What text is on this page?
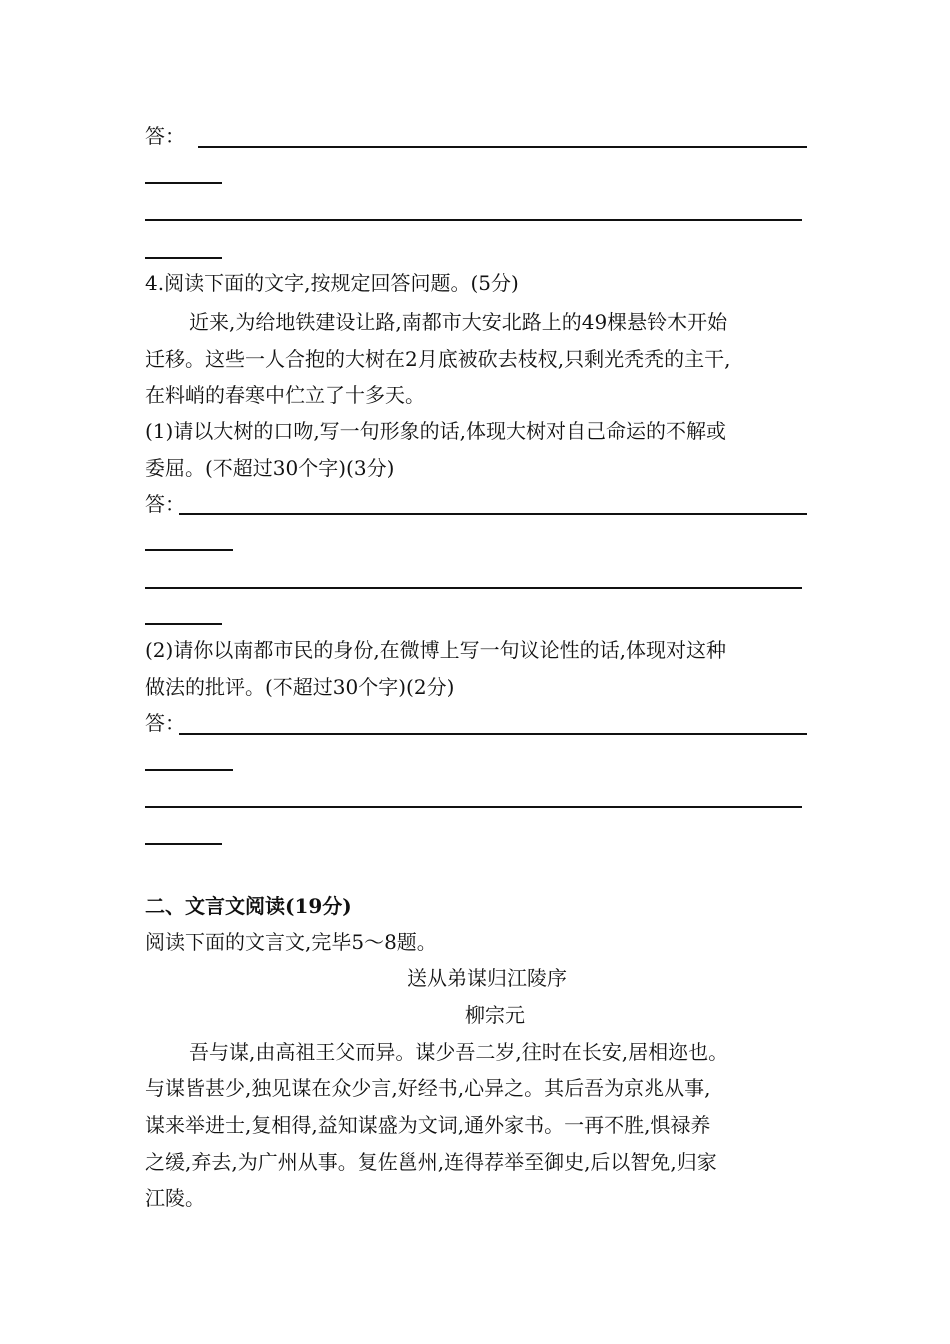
答：
4.阅读下面的文字,按规定回答问题。(5分)
近来,为给地铁建设让路,南都市大安北路上的49棵悬铃木开始
迁移。这些一人合抱的大树在2月底被砍去枝杈,只剩光秃秃的主干,
在料峭的春寒中伫立了十多天。
(1)请以大树的口吻,写一句形象的话,体现大树对自己命运的不解或
委屈。(不超过30个字)(3分)
答：
(2)请你以南都市民的身份,在微博上写一句议论性的话,体现对这种
做法的批评。(不超过30个字)(2分)
答：
二、文言文阅读(19分)
阅读下面的文言文,完毕5～8题。
送从弟谋归江陵序
柳宗元
吾与谋,由高祖王父而异。谋少吾二岁,往时在长安,居相迩也。
与谋皆甚少,独见谋在众少言,好经书,心异之。其后吾为京兆从事,
谋来举进士,复相得,益知谋盛为文词,通外家书。一再不胜,惧禄养
之缓,弃去,为广州从事。复佐邕州,连得荐举至御史,后以智免,归家
江陵。
